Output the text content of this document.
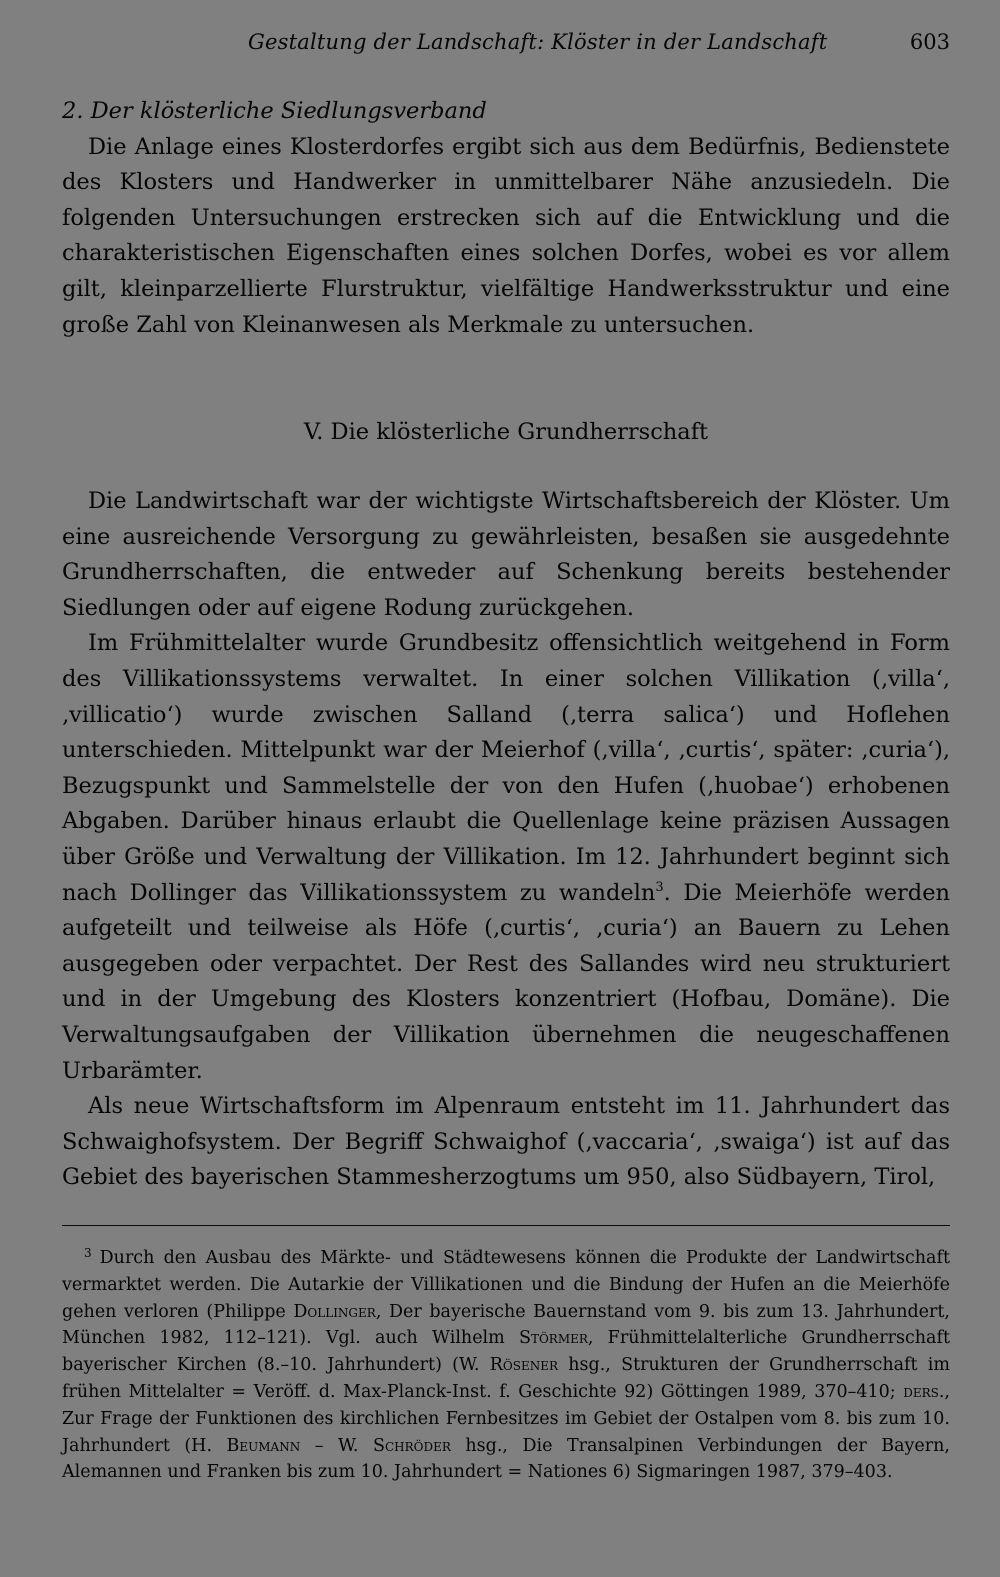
Gestaltung der Landschaft: Klöster in der Landschaft	603

2. Der klösterliche Siedlungsverband

Die Anlage eines Klosterdorfes ergibt sich aus dem Bedürfnis, Bedienstete des Klosters und Handwerker in unmittelbarer Nähe anzusiedeln. Die folgenden Untersuchungen erstrecken sich auf die Entwicklung und die charakteristischen Eigenschaften eines solchen Dorfes, wobei es vor allem gilt, kleinparzellierte Flurstruktur, vielfältige Handwerksstruktur und eine große Zahl von Kleinanwesen als Merkmale zu untersuchen.

V. Die klösterliche Grundherrschaft

Die Landwirtschaft war der wichtigste Wirtschaftsbereich der Klöster. Um eine ausreichende Versorgung zu gewährleisten, besaßen sie ausgedehnte Grundherrschaften, die entweder auf Schenkung bereits bestehender Siedlungen oder auf eigene Rodung zurückgehen.

Im Frühmittelalter wurde Grundbesitz offensichtlich weitgehend in Form des Villikationssystems verwaltet. In einer solchen Villikation (‚villa‘, ‚villicatio‘) wurde zwischen Salland (‚terra salica‘) und Hoflehen unterschieden. Mittelpunkt war der Meierhof (‚villa‘, ‚curtis‘, später: ‚curia‘), Bezugspunkt und Sammelstelle der von den Hufen (‚huobae‘) erhobenen Abgaben. Darüber hinaus erlaubt die Quellenlage keine präzisen Aussagen über Größe und Verwaltung der Villikation. Im 12. Jahrhundert beginnt sich nach Dollinger das Villikationssystem zu wandeln$^3$. Die Meierhöfe werden aufgeteilt und teilweise als Höfe (‚curtis‘, ‚curia‘) an Bauern zu Lehen ausgegeben oder verpachtet. Der Rest des Sallandes wird neu strukturiert und in der Umgebung des Klosters konzentriert (Hofbau, Domäne). Die Verwaltungsaufgaben der Villikation übernehmen die neugeschaffenen Urbarämter.

Als neue Wirtschaftsform im Alpenraum entsteht im 11. Jahrhundert das Schwaighofsystem. Der Begriff Schwaighof (‚vaccaria‘, ‚swaiga‘) ist auf das Gebiet des bayerischen Stammesherzogtums um 950, also Südbayern, Tirol,

$^3$ Durch den Ausbau des Märkte- und Städtewesens können die Produkte der Landwirtschaft vermarktet werden. Die Autarkie der Villikationen und die Bindung der Hufen an die Meierhöfe gehen verloren (Philippe Dollinger, Der bayerische Bauernstand vom 9. bis zum 13. Jahrhundert, München 1982, 112–121). Vgl. auch Wilhelm Störmer, Frühmittelalterliche Grundherrschaft bayerischer Kirchen (8.–10. Jahrhundert) (W. Rösener hsg., Strukturen der Grundherrschaft im frühen Mittelalter = Veröff. d. Max-Planck-Inst. f. Geschichte 92) Göttingen 1989, 370–410; ders., Zur Frage der Funktionen des kirchlichen Fernbesitzes im Gebiet der Ostalpen vom 8. bis zum 10. Jahrhundert (H. Beumann – W. Schröder hsg., Die Transalpinen Verbindungen der Bayern, Alemannen und Franken bis zum 10. Jahrhundert = Nationes 6) Sigmaringen 1987, 379–403.
